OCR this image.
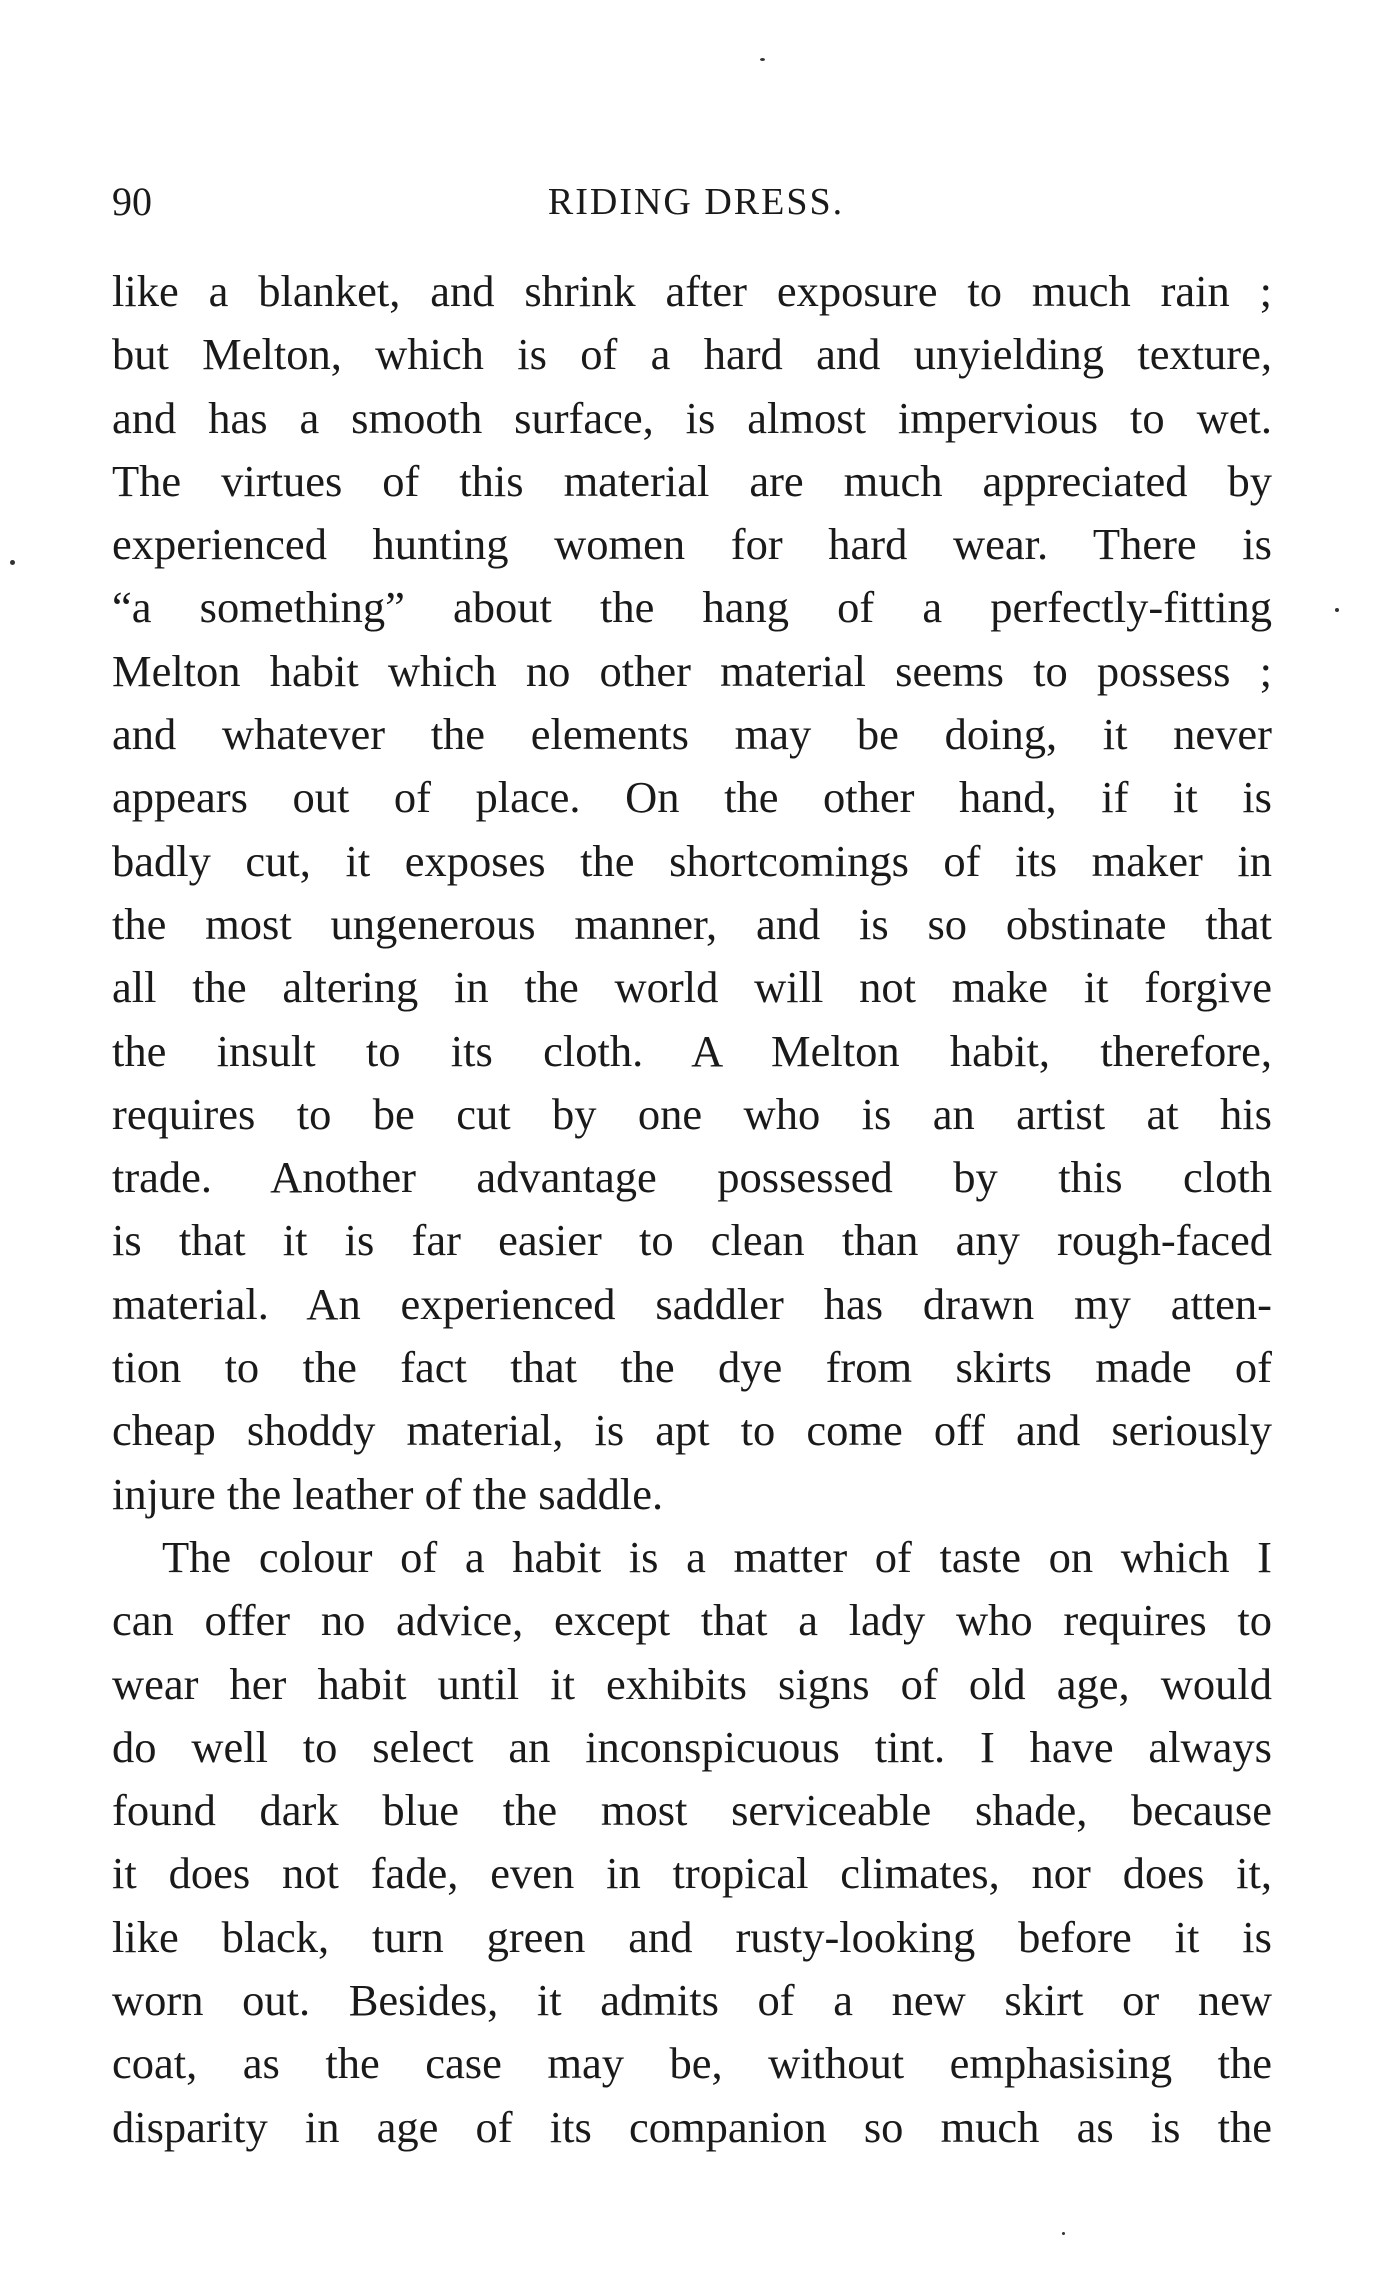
90	RIDING DRESS.
like a blanket, and shrink after exposure to much rain ;
but Melton, which is of a hard and unyielding texture,
and has a smooth surface, is almost impervious to wet.
The virtues of this material are much appreciated by
experienced hunting women for hard wear. There is
“a something” about the hang of a perfectly-fitting
Melton habit which no other material seems to possess ;
and whatever the elements may be doing, it never
appears out of place. On the other hand, if it is
badly cut, it exposes the shortcomings of its maker in
the most ungenerous manner, and is so obstinate that
all the altering in the world will not make it forgive
the insult to its cloth. A Melton habit, therefore,
requires to be cut by one who is an artist at his
trade. Another advantage possessed by this cloth
is that it is far easier to clean than any rough-faced
material. An experienced saddler has drawn my atten-
tion to the fact that the dye from skirts made of
cheap shoddy material, is apt to come off and seriously
injure the leather of the saddle.
The colour of a habit is a matter of taste on which I
can offer no advice, except that a lady who requires to
wear her habit until it exhibits signs of old age, would
do well to select an inconspicuous tint. I have always
found dark blue the most serviceable shade, because
it does not fade, even in tropical climates, nor does it,
like black, turn green and rusty-looking before it is
worn out. Besides, it admits of a new skirt or new
coat, as the case may be, without emphasising the
disparity in age of its companion so much as is the
